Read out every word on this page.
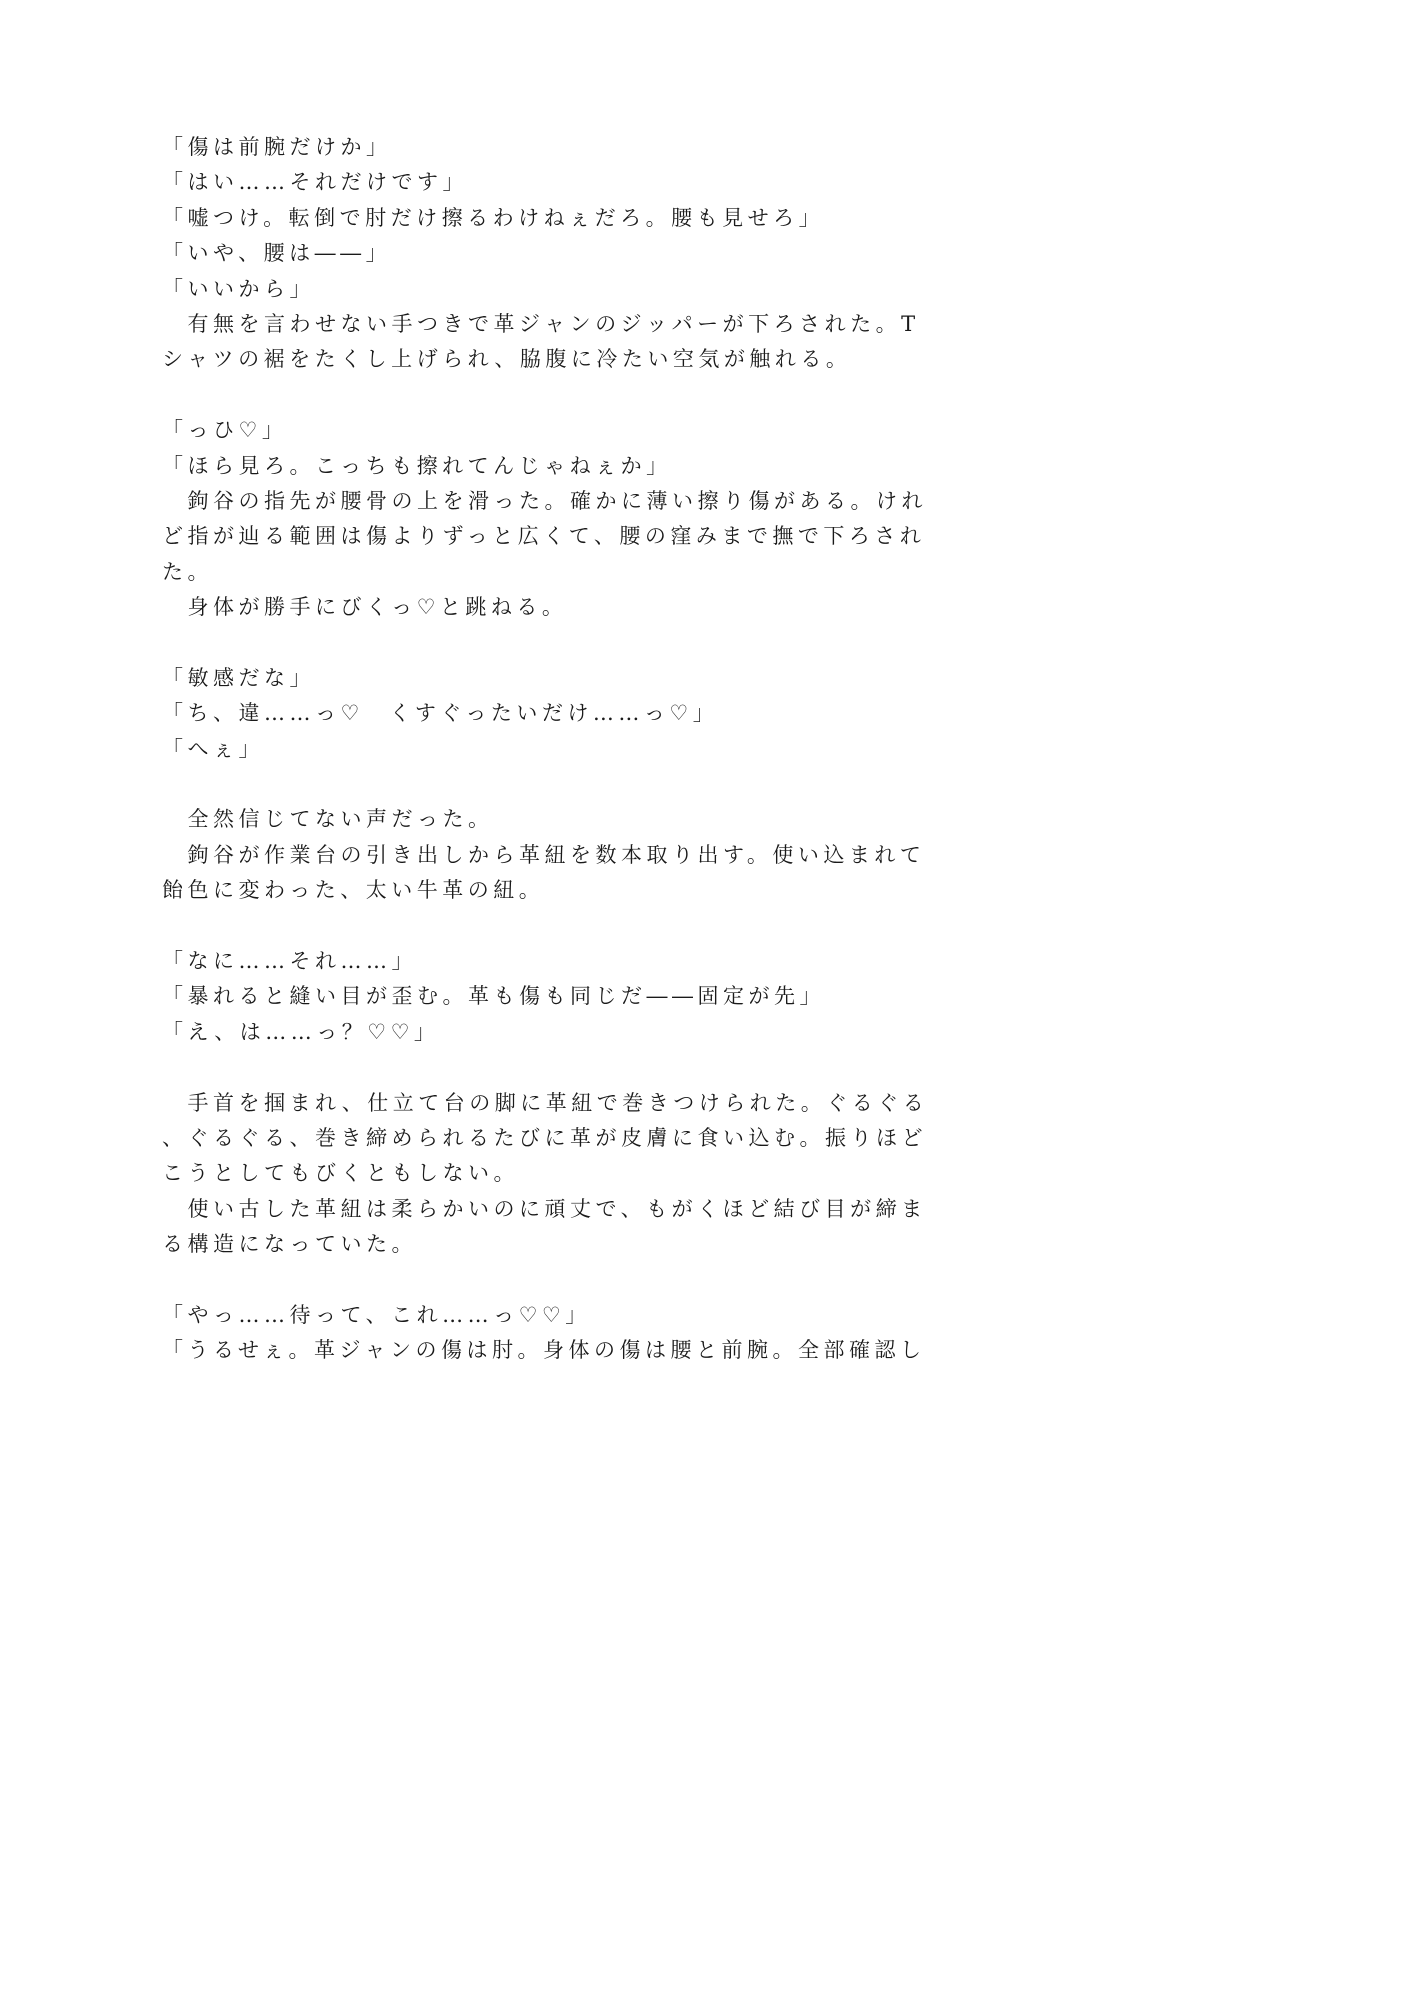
「傷は前腕だけか」
「はい……それだけです」
「嘘つけ。転倒で肘だけ擦るわけねぇだろ。腰も見せろ」
「いや、腰は――」
「いいから」
　有無を言わせない手つきで革ジャンのジッパーが下ろされた。T
シャツの裾をたくし上げられ、脇腹に冷たい空気が触れる。
「っひ♡」
「ほら見ろ。こっちも擦れてんじゃねぇか」
　鉤谷の指先が腰骨の上を滑った。確かに薄い擦り傷がある。けれ
ど指が辿る範囲は傷よりずっと広くて、腰の窪みまで撫で下ろされ
た。
　身体が勝手にびくっ♡と跳ねる。
「敏感だな」
「ち、違……っ♡　くすぐったいだけ……っ♡」
「へぇ」
　全然信じてない声だった。
　鉤谷が作業台の引き出しから革紐を数本取り出す。使い込まれて
飴色に変わった、太い牛革の紐。
「なに……それ……」
「暴れると縫い目が歪む。革も傷も同じだ――固定が先」
「え、は……っ？♡♡」
　手首を掴まれ、仕立て台の脚に革紐で巻きつけられた。ぐるぐる
、ぐるぐる、巻き締められるたびに革が皮膚に食い込む。振りほど
こうとしてもびくともしない。
　使い古した革紐は柔らかいのに頑丈で、もがくほど結び目が締ま
る構造になっていた。
「やっ……待って、これ……っ♡♡」
「うるせぇ。革ジャンの傷は肘。身体の傷は腰と前腕。全部確認し
